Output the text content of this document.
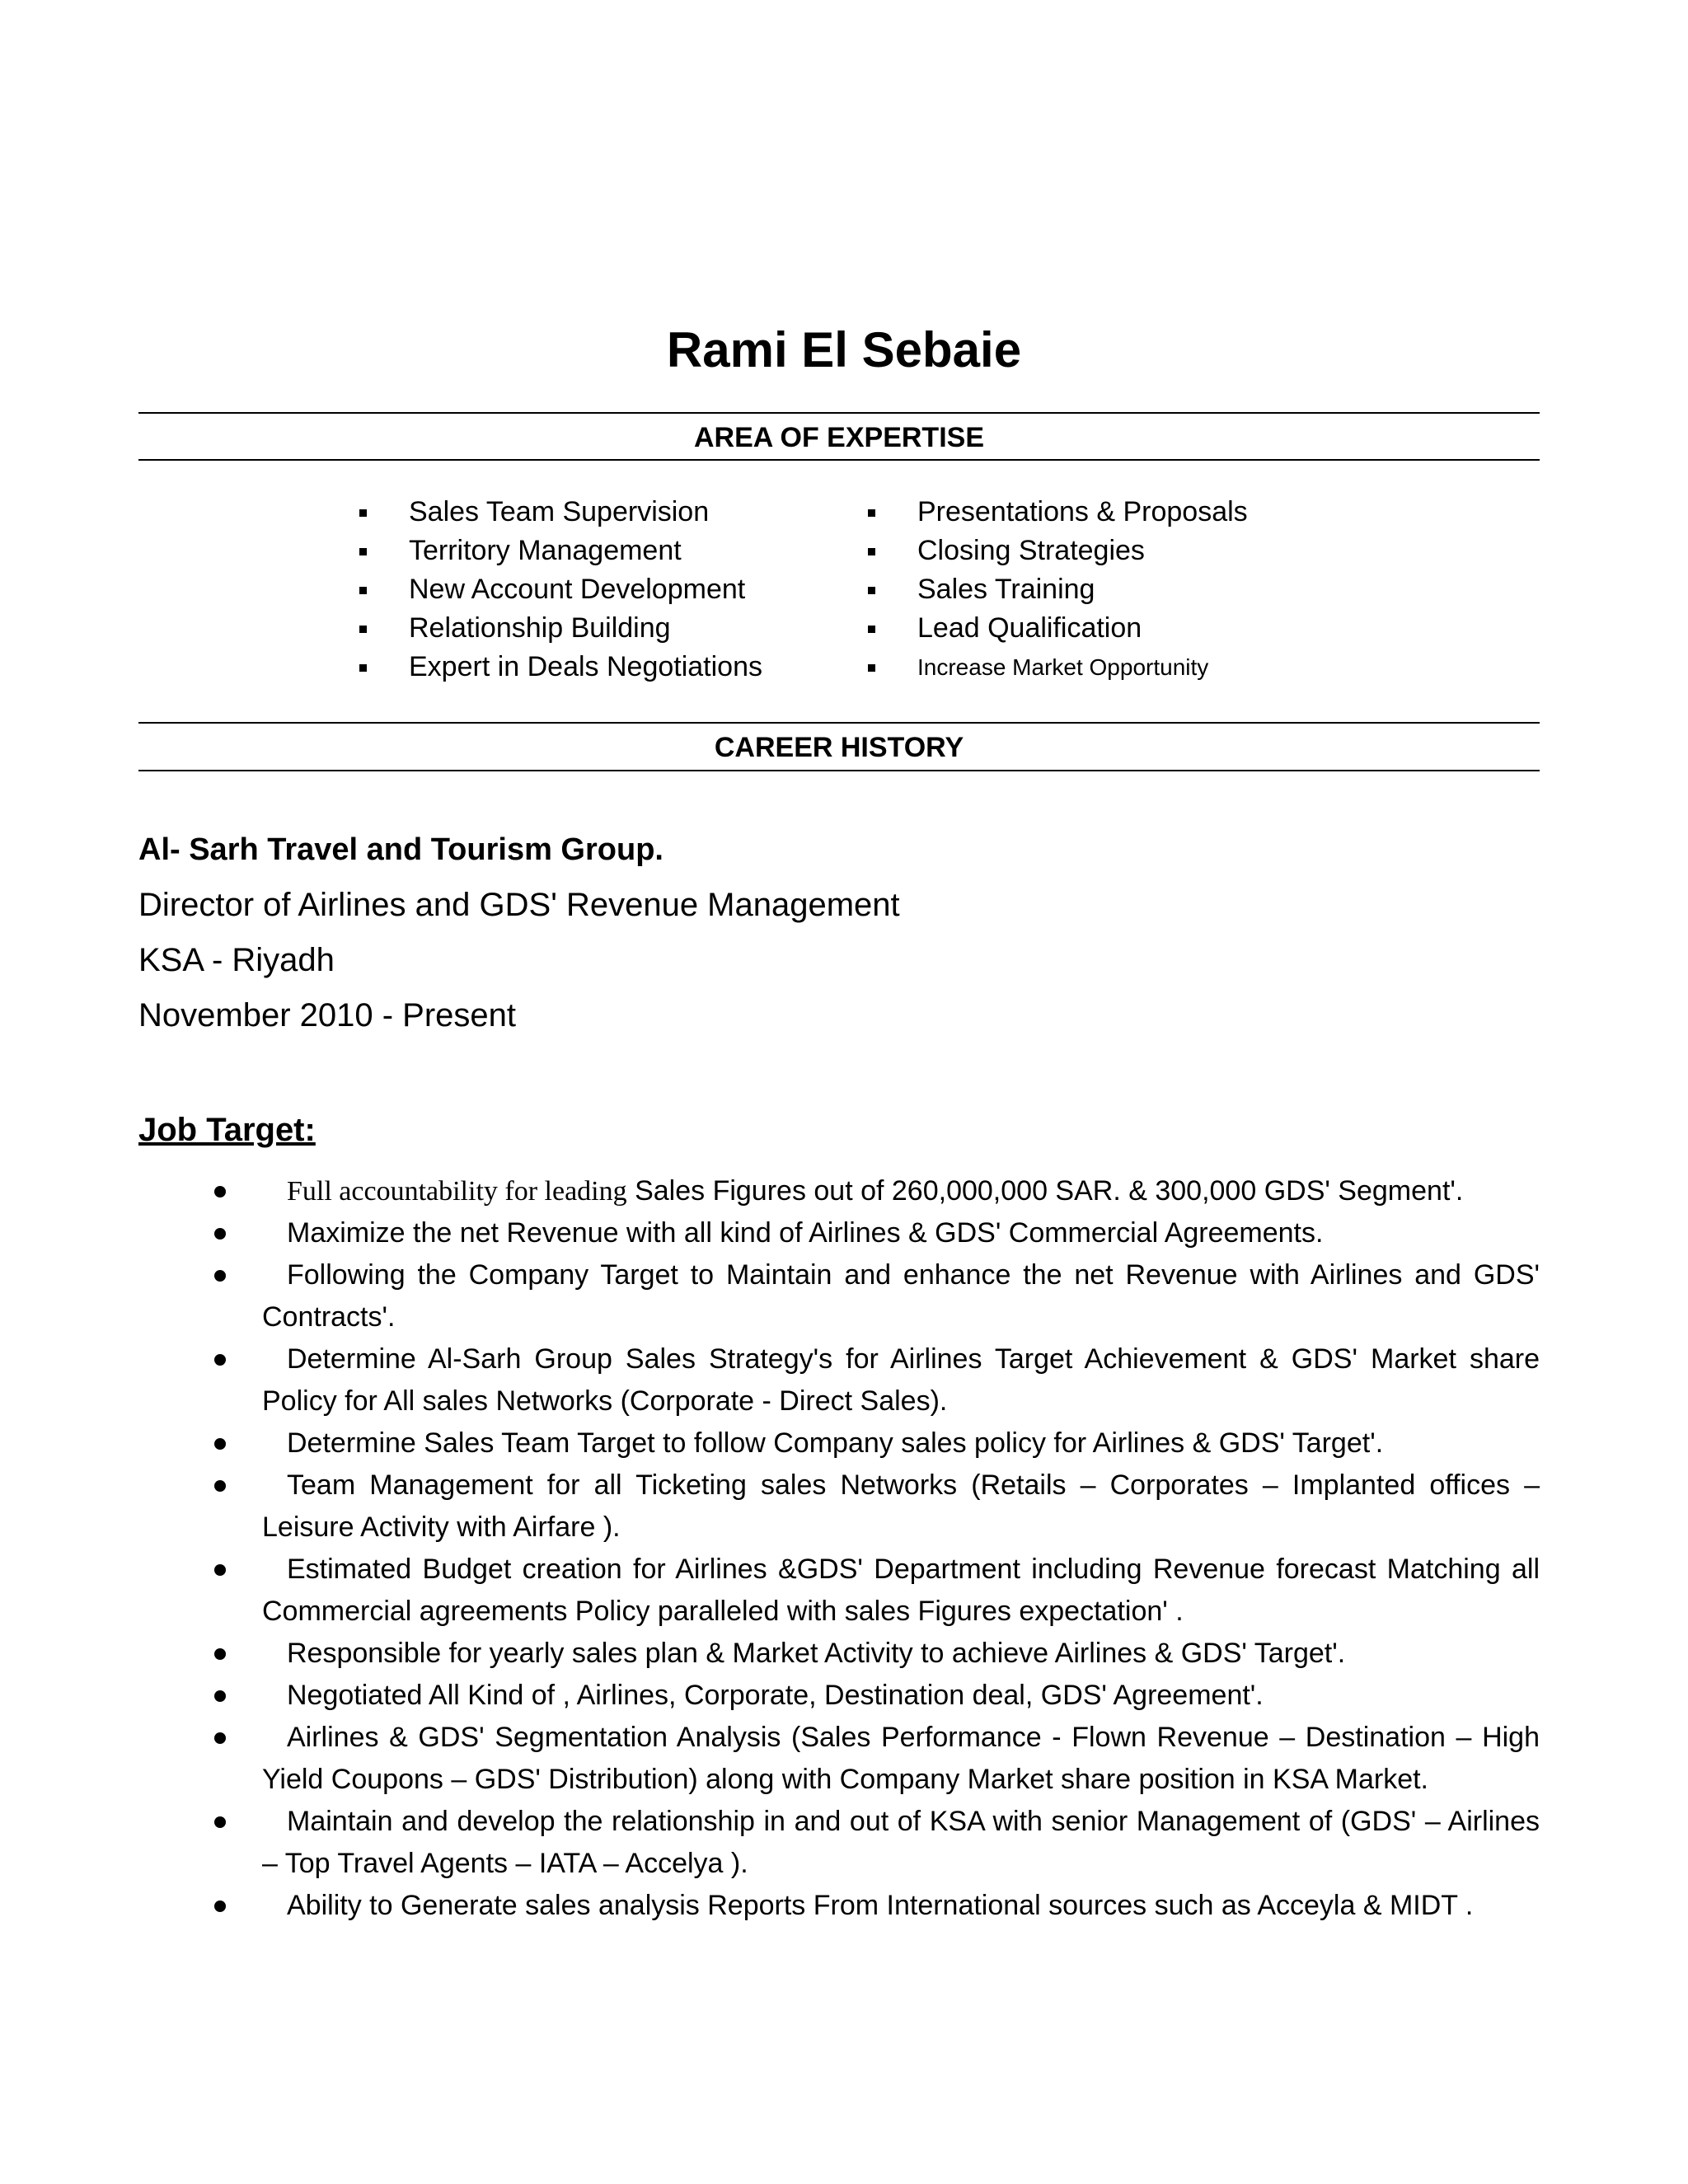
Rami El Sebaie
AREA OF EXPERTISE
Sales Team Supervision
Territory Management
New Account Development
Relationship Building
Expert in Deals Negotiations
Presentations & Proposals
Closing Strategies
Sales Training
Lead Qualification
Increase Market Opportunity
CAREER HISTORY
Al- Sarh Travel and Tourism Group.
Director of Airlines and GDS' Revenue Management
KSA - Riyadh
November 2010 - Present
Job Target:
Full accountability for leading Sales Figures out of 260,000,000 SAR. & 300,000 GDS' Segment'.
Maximize the net Revenue with all kind of Airlines & GDS' Commercial Agreements.
Following the Company Target to Maintain and enhance the net Revenue with Airlines and GDS' Contracts'.
Determine Al-Sarh Group Sales Strategy's for Airlines Target Achievement & GDS' Market share Policy for All sales Networks (Corporate - Direct Sales).
Determine Sales Team Target to follow Company sales policy for Airlines & GDS' Target'.
Team Management for all Ticketing sales Networks (Retails – Corporates – Implanted offices – Leisure Activity with Airfare ).
Estimated Budget creation for Airlines &GDS' Department including Revenue forecast Matching all Commercial agreements Policy paralleled with sales Figures expectation' .
Responsible for yearly sales plan & Market Activity to achieve Airlines & GDS' Target'.
Negotiated All Kind of , Airlines, Corporate, Destination deal, GDS' Agreement'.
Airlines & GDS' Segmentation Analysis (Sales Performance - Flown Revenue – Destination – High Yield Coupons – GDS' Distribution) along with Company Market share position in KSA Market.
Maintain and develop the relationship in and out of KSA with senior Management of (GDS' – Airlines – Top Travel Agents – IATA – Accelya ).
Ability to Generate sales analysis Reports From International sources such as Acceyla & MIDT .
